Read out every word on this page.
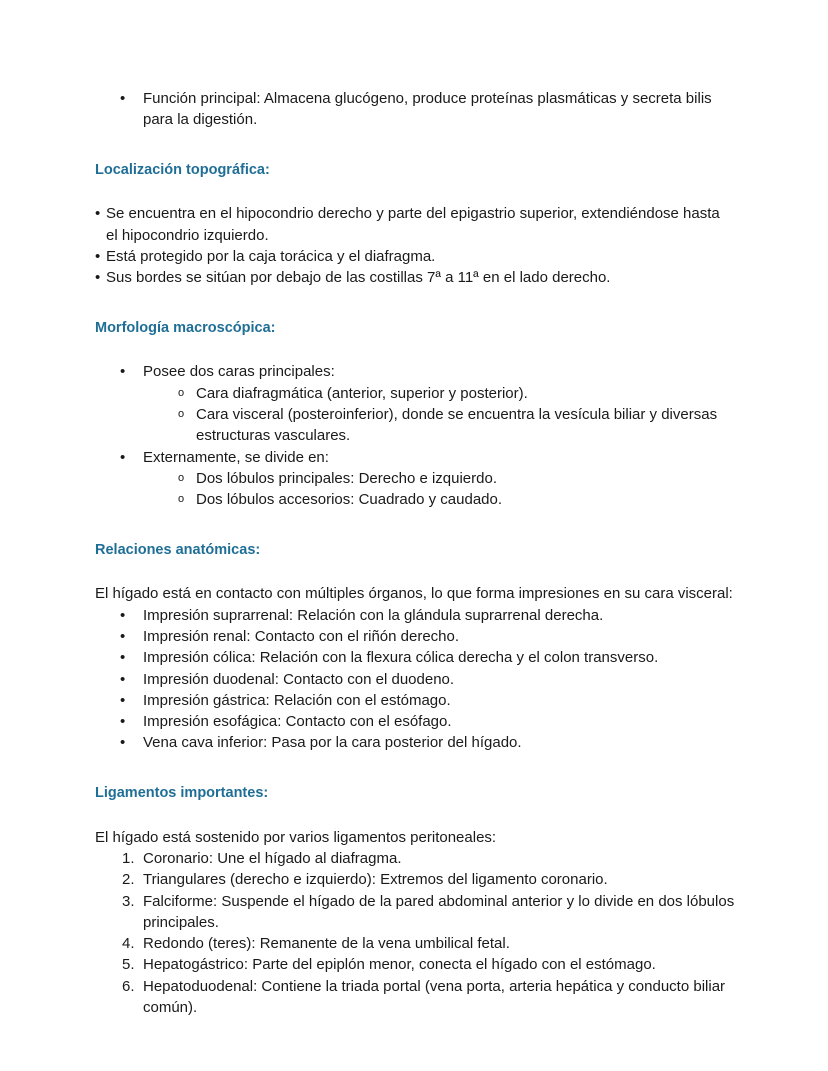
•	Función principal: Almacena glucógeno, produce proteínas plasmáticas y secreta bilis para la digestión.
Localización topográfica:
• Se encuentra en el hipocondrio derecho y parte del epigastrio superior, extendiéndose hasta el hipocondrio izquierdo.
• Está protegido por la caja torácica y el diafragma.
• Sus bordes se sitúan por debajo de las costillas 7ª a 11ª en el lado derecho.
Morfología macroscópica:
•	Posee dos caras principales:
o Cara diafragmática (anterior, superior y posterior).
o Cara visceral (posteroinferior), donde se encuentra la vesícula biliar y diversas estructuras vasculares.
•	Externamente, se divide en:
o Dos lóbulos principales: Derecho e izquierdo.
o Dos lóbulos accesorios: Cuadrado y caudado.
Relaciones anatómicas:

El hígado está en contacto con múltiples órganos, lo que forma impresiones en su cara visceral:

•	Impresión suprarrenal: Relación con la glándula suprarrenal derecha.
•	Impresión renal: Contacto con el riñón derecho.
•	Impresión cólica: Relación con la flexura cólica derecha y el colon transverso.
•	Impresión duodenal: Contacto con el duodeno.
•	Impresión gástrica: Relación con el estómago.
•	Impresión esofágica: Contacto con el esófago.
•	Vena cava inferior: Pasa por la cara posterior del hígado.
Ligamentos importantes:

El hígado está sostenido por varios ligamentos peritoneales:

1. Coronario: Une el hígado al diafragma.
2. Triangulares (derecho e izquierdo): Extremos del ligamento coronario.
3. Falciforme: Suspende el hígado de la pared abdominal anterior y lo divide en dos lóbulos principales.
4. Redondo (teres): Remanente de la vena umbilical fetal.
5. Hepatogástrico: Parte del epiplón menor, conecta el hígado con el estómago.
6. Hepatoduodenal: Contiene la triada portal (vena porta, arteria hepática y conducto biliar común).
